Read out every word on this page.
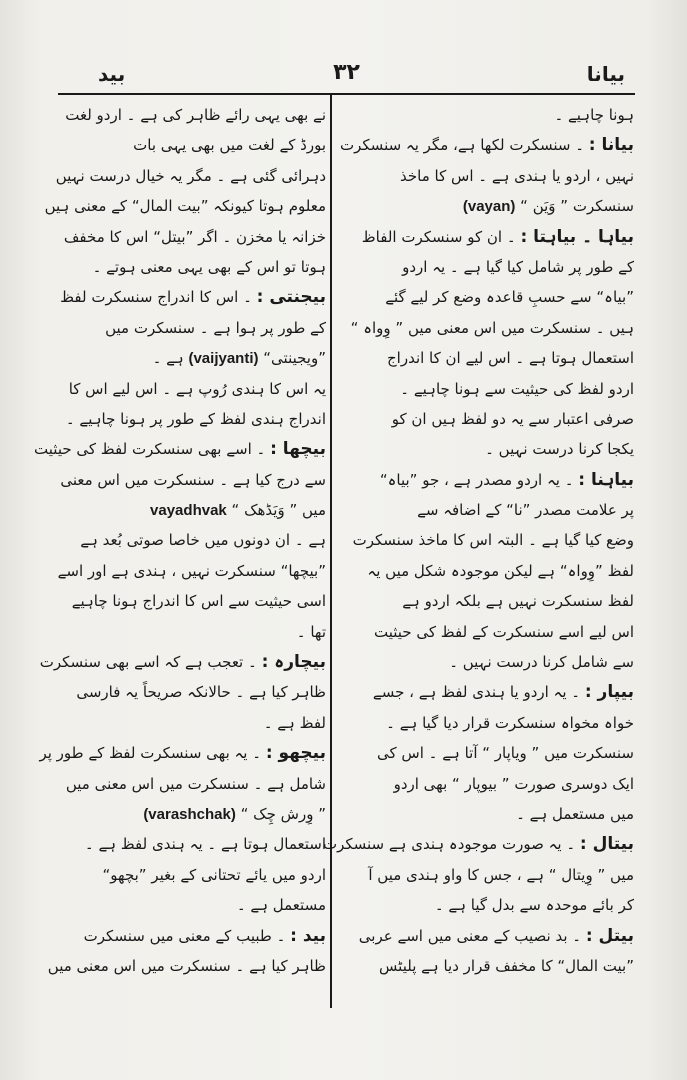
بیانا
۳۲
بید
ہونا چاہیے ۔
بیانا : ۔ سنسکرت لکھا ہے، مگر یہ سنسکرت
نہیں ، اردو یا ہندی ہے ۔ اس کا ماخذ
سنسکرت ” وَیَن “ (vayan)
بیاہا ۔ بیاہتا : ۔ ان کو سنسکرت الفاظ
کے طور پر شامل کیا گیا ہے ۔ یہ اردو
”بیاہ“ سے حسبِ قاعدہ وضع کر لیے گئے
ہیں ۔ سنسکرت میں اس معنی میں ” وِواہ “
استعمال ہوتا ہے ۔ اس لیے ان کا اندراج
اردو لفظ کی حیثیت سے ہونا چاہیے ۔
صرفی اعتبار سے یہ دو لفظ ہیں ان کو
یکجا کرنا درست نہیں ۔
بیاہنا : ۔ یہ اردو مصدر ہے ، جو ”بیاہ“
پر علامت مصدر ”نا“ کے اضافہ سے
وضع کیا گیا ہے ۔ البتہ اس کا ماخذ سنسکرت
لفظ ”وِواہ“ ہے لیکن موجودہ شکل میں یہ
لفظ سنسکرت نہیں ہے بلکہ اردو ہے
اس لیے اسے سنسکرت کے لفظ کی حیثیت
سے شامل کرنا درست نہیں ۔
بیپار : ۔ یہ اردو یا ہندی لفظ ہے ، جسے
خواہ مخواہ سنسکرت قرار دیا گیا ہے ۔
سنسکرت میں ” ویاپار “ آتا ہے ۔ اس کی
ایک دوسری صورت ” بیوپار “ بھی اردو
میں مستعمل ہے ۔
بیتال : ۔ یہ صورت موجودہ ہندی ہے سنسکرت
میں ” وِیتال “ ہے ، جس کا واو ہندی میں آ
کر بائے موحدہ سے بدل گیا ہے ۔
بیتل : ۔ بد نصیب کے معنی میں اسے عربی
”بیت المال“ کا مخفف قرار دیا ہے پلیٹس
نے بھی یہی رائے ظاہر کی ہے ۔ اردو لغت
بورڈ کے لغت میں بھی یہی بات
دہرائی گئی ہے ۔ مگر یہ خیال درست نہیں
معلوم ہوتا کیونکہ ”بیت المال“ کے معنی ہیں
خزانہ یا مخزن ۔ اگر ”بیتل“ اس کا مخفف
ہوتا تو اس کے بھی یہی معنی ہوتے ۔
بیجنتی : ۔ اس کا اندراج سنسکرت لفظ
کے طور پر ہوا ہے ۔ سنسکرت میں
”ویجینتی“ (vaijyanti) ہے ۔
یہ اس کا ہندی رُوپ ہے ۔ اس لیے اس کا
اندراج ہندی لفظ کے طور پر ہونا چاہیے ۔
بیچھا : ۔ اسے بھی سنسکرت لفظ کی حیثیت
سے درج کیا ہے ۔ سنسکرت میں اس معنی
میں ” وَیَڈھک “ vayadhvak
ہے ۔ ان دونوں میں خاصا صوتی بُعد ہے
”بیچھا“ سنسکرت نہیں ، ہندی ہے اور اسے
اسی حیثیت سے اس کا اندراج ہونا چاہیے
تھا ۔
بیچارہ : ۔ تعجب ہے کہ اسے بھی سنسکرت
ظاہر کیا ہے ۔ حالانکہ صریحاً یہ فارسی
لفظ ہے ۔
بیچھو : ۔ یہ بھی سنسکرت لفظ کے طور پر
شامل ہے ۔ سنسکرت میں اس معنی میں
” وِرش چِک “ (varashchak)
استعمال ہوتا ہے ۔ یہ ہندی لفظ ہے ۔
اردو میں یائے تحتانی کے بغیر ”بچھو“
مستعمل ہے ۔
بید : ۔ طبیب کے معنی میں سنسکرت
ظاہر کیا ہے ۔ سنسکرت میں اس معنی میں
